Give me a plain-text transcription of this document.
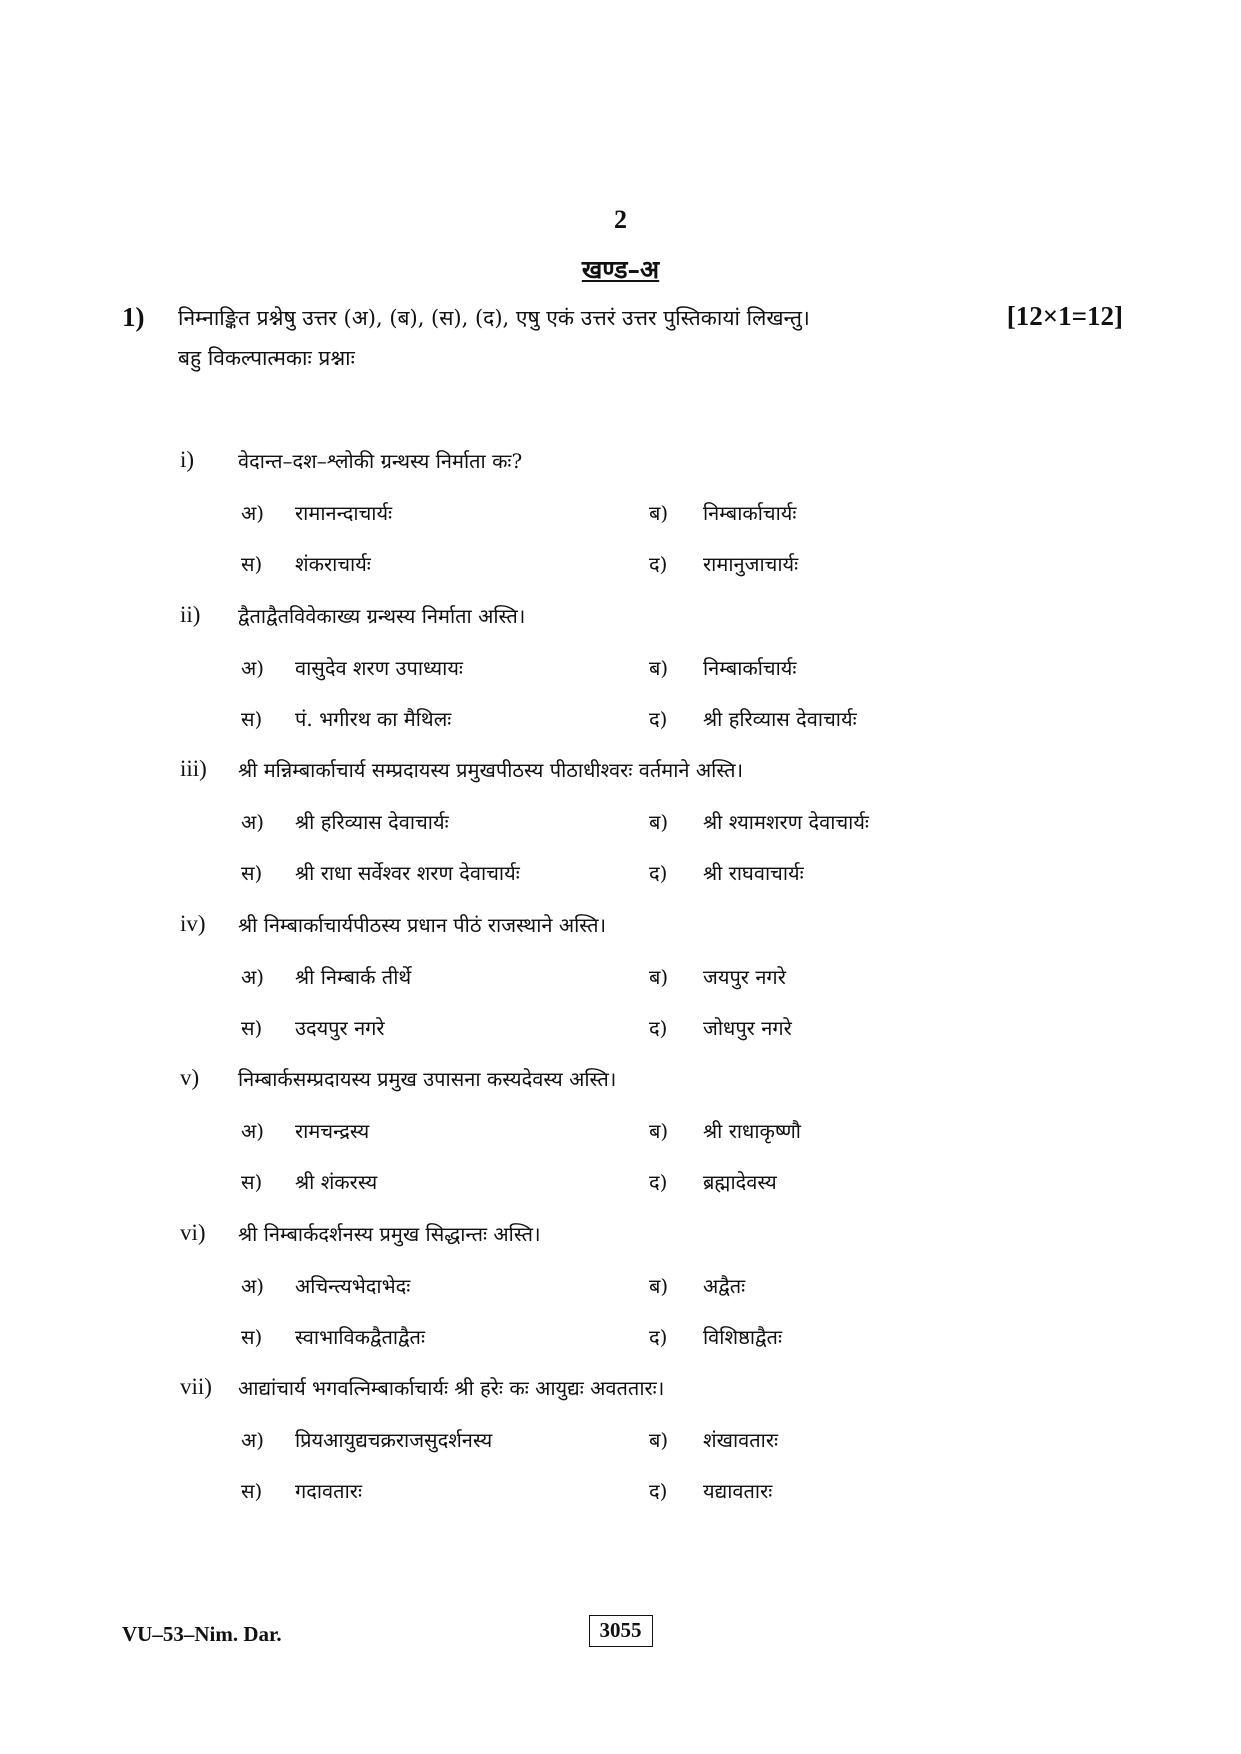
2
खण्ड–अ
1) निम्नाङ्कित प्रश्नेषु उत्तर (अ), (ब), (स), (द), एषु एकं उत्तरं उत्तर पुस्तिकायां लिखन्तु।
बहु विकल्पात्मकाः प्रश्नाः
[12×1=12]
i) वेदान्त–दश–श्लोकी ग्रन्थस्य निर्माता कः?
अ) रामानन्दाचार्यः	ब) निम्बार्काचार्यः
स) शंकराचार्यः	द) रामानुजाचार्यः
ii) द्वैताद्वैतविवेकाख्य ग्रन्थस्य निर्माता अस्ति।
अ) वासुदेव शरण उपाध्यायः	ब) निम्बार्काचार्यः
स) पं. भगीरथ का मैथिलः	द) श्री हरिव्यास देवाचार्यः
iii) श्री मन्निम्बार्काचार्य सम्प्रदायस्य प्रमुखपीठस्य पीठाधीश्वरः वर्तमाने अस्ति।
अ) श्री हरिव्यास देवाचार्यः	ब) श्री श्यामशरण देवाचार्यः
स) श्री राधा सर्वेश्वर शरण देवाचार्यः	द) श्री राघवाचार्यः
iv) श्री निम्बार्काचार्यपीठस्य प्रधान पीठं राजस्थाने अस्ति।
अ) श्री निम्बार्क तीर्थे	ब) जयपुर नगरे
स) उदयपुर नगरे	द) जोधपुर नगरे
v) निम्बार्कसम्प्रदायस्य प्रमुख उपासना कस्यदेवस्य अस्ति।
अ) रामचन्द्रस्य	ब) श्री राधाकृष्णौ
स) श्री शंकरस्य	द) ब्रह्मादेवस्य
vi) श्री निम्बार्कदर्शनस्य प्रमुख सिद्धान्तः अस्ति।
अ) अचिन्त्यभेदाभेदः	ब) अद्वैतः
स) स्वाभाविकद्वैताद्वैतः	द) विशिष्ठाद्वैतः
vii) आद्यांचार्य भगवत्निम्बार्काचार्यः श्री हरेः कः आयुद्यः अवततारः।
अ) प्रियआयुद्यचक्रराजसुदर्शनस्य	ब) शंखावतारः
स) गदावतारः	द) यद्यावतारः
VU–53–Nim. Dar.	3055
